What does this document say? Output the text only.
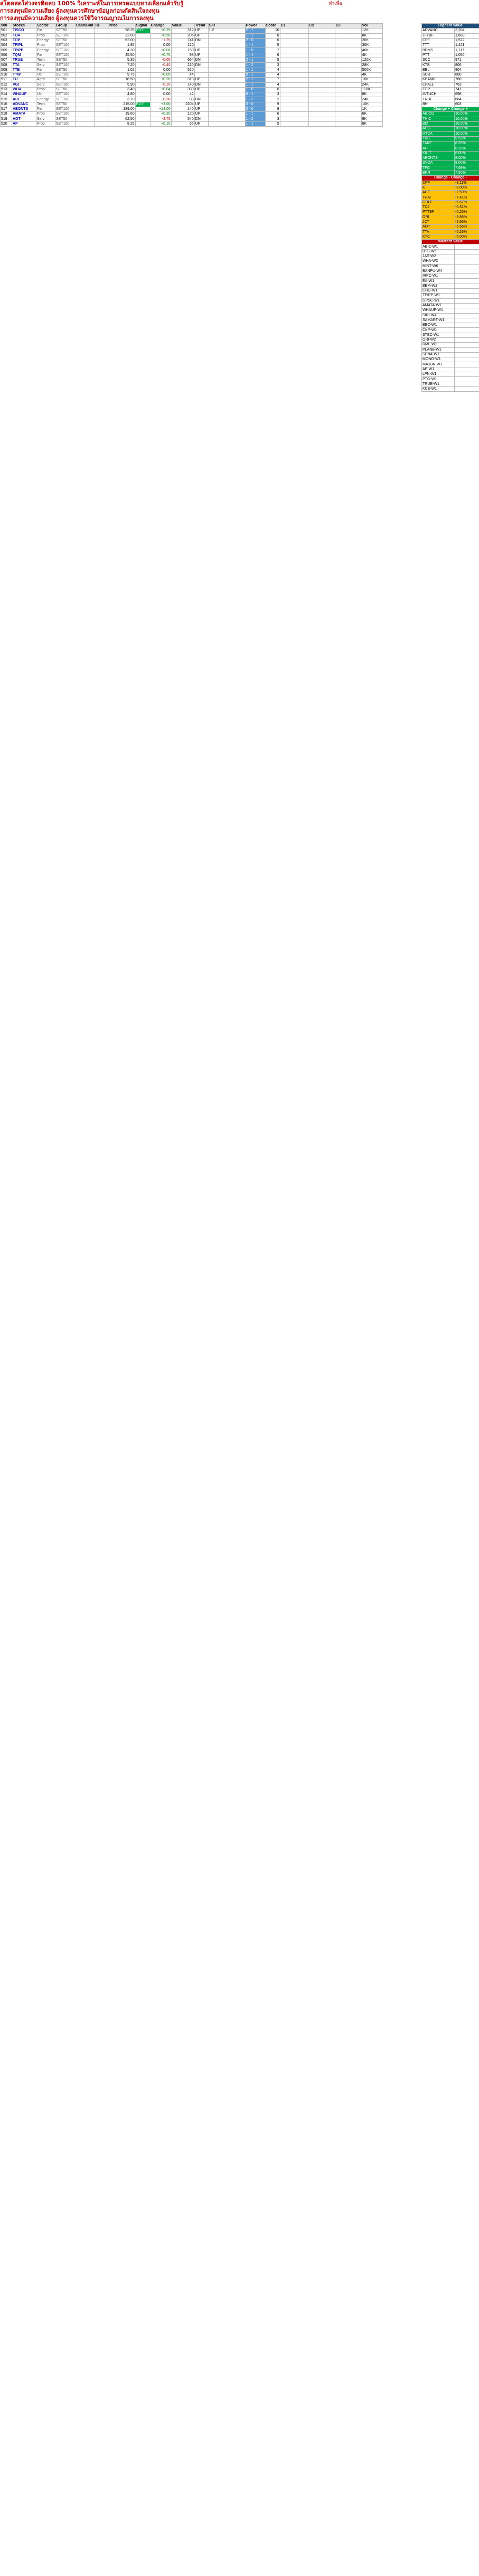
สโตคสดใส่วงจรติดลบ 100% วิเคราะห์ในการเทรดแบบทางเลือกแล้วรับรู้
การลงทุนมีความเสี่ยง ผู้ลงทุนควรศึกษาข้อมูลก่อนตัดสินใจลงทุน
การลงทุนมีความเสี่ยง ผู้ลงทุนควรใช้วิจารณญาณในการลงทุน
ทำเพื่อ
500	Stocks	Sector	Group	Cash/Bnd	T/F	Price	Signal	Change	Value	Trend	S/R	Power	Score	C1	C2	C3	Vol
501	TISCO	Fin	SET50			98.25	BUY	+0.25	312	UP	1.2	2 - 1	10				12K
502	TOA	Prop	SET100			32.00		+0.50	205	UP		1 - 1	8				8K
503	TOP	Energy	SET50			62.00		-1.25	741	DN		2 - 0	6				20K
504	TPIPL	Prop	SET100			1.85		0.00	120			1 - 1	5				30K
505	TPIPP	Energy	SET100			4.30		+0.06	150	UP		1 - 0	7				40K
506	TQM	Fin	SET100			45.50		+0.75	98	UP		1 - 1	6				4K
507	TRUE	Tech	SET50			5.35		-0.05	664	DN		2 - 1	5				120K
508	TTA	Serv	SET100			7.20		-0.40	210	DN		1 - 2	3				28K
509	TTB	Fin	SET50			1.02		0.00	520			1 - 1	4				500K
510	TTW	Util	SET100			9.75		+0.05	44			0 - 1	4				4K
511	TU	Agro	SET50			18.50		+0.20	310	UP		2 - 1	7				16K
512	VGI	Serv	SET100			5.90		-0.10	140	DN		1 - 1	4				24K
513	WHA	Prop	SET50			3.40		+0.04	380	UP		1 - 0	6				110K
514	WHAUP	Util	SET100			4.80		0.00	42			0 - 1	3				8K
515	ACE	Energy	SET100			3.70		-0.30	88	DN		1 - 2	2				24K
516	ADVANC	Tech	SET50			215.00	BUY	+3.00	2204	UP		3 - 0	9				10K
517	AEONTS	Fin	SET100			189.00		+14.00	140	UP		2 - 0	8				1K
518	AMATA	Prop	SET100			19.60		+0.30	120	UP		1 - 1	6				6K
519	AOT	Serv	SET50			62.50		-3.75	540	DN		1 - 2	3				9K
520	AP	Prop	SET100			8.25		+0.10	65	UP		1 - 1	5				8K
Highest Value	
ADVANC	2,204
JFTBF	1,688
CPF	1,522
TTT	1,421
BDMS	1,117
PTT	1,056
SCC	971
KTB	806
BBL	804
SCB	800
KBANK	780
CPALL	763
TOP	741
INTUCH	698
TRUE	664
BH	603
Change + Change +	
ABICO	10.00%
THIC	10.00%
BIZ	10.00%
ACG	10.00%
HTCA	10.00%
TKS	9.52%
TAKF	8.33%
AH	8.33%
KKLT	8.00%
AEONTS	8.00%
SVOA	8.00%
TFG	7.69%
BRR	7.50%
Change - Change -	
CPF	-8.11%
K	-8.00%
ACE	-7.50%
THAI	-7.41%
GULF	-6.67%
TCJ	-6.31%
PTTEP	-6.25%
ORI	-5.88%
JCT	-5.56%
AOT	-5.56%
TTA	-5.26%
KTC	-5.00%
Warrant Value	
ABIC-W1	
BTS-W5	
JAS-W2	
WHA-W2	
MINT-W6	
BANPU-W4	
IRPC-W1	
EA-W1	
BEM-W2	
CHG-W1	
TPIPP-W1	
GPSC-W1	
AMATA-W1	
WHAUP-W1	
SIRI-W4	
SAMART-W1	
BEC-W1	
CKP-W1	
STEC-W1	
ORI-W2	
RML-W1	
PLANB-W1	
SENA-W1	
MONO-W1	
MAJOR-W1	
AP-W1	
LPN-W1	
PTG-W1	
TRUE-W1	
KCE-W1	
